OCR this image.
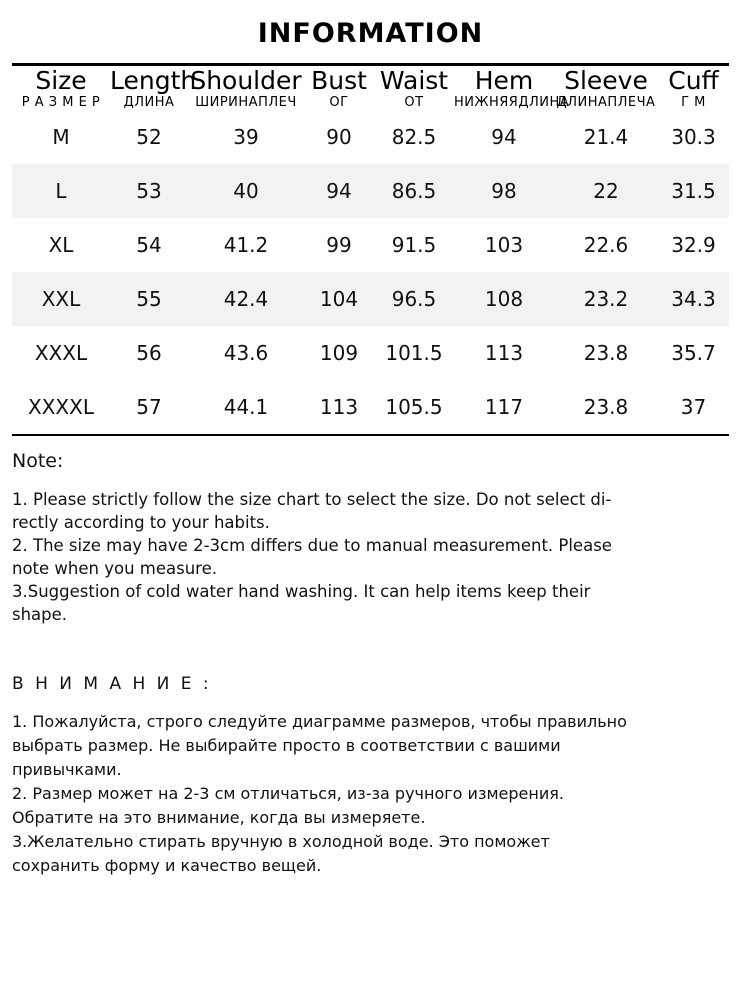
INFORMATION
Size	Length	Shoulder	Bust	Waist	Hem	Sleeve	Cuff
Р А З М Е Р	ДЛИНА	ШИРИНАПЛЕЧ	ОГ	ОТ	НИЖНЯЯДЛИНА	ДЛИНАПЛЕЧА	Г М
M	52	39	90	82.5	94	21.4	30.3
L	53	40	94	86.5	98	22	31.5
XL	54	41.2	99	91.5	103	22.6	32.9
XXL	55	42.4	104	96.5	108	23.2	34.3
XXXL	56	43.6	109	101.5	113	23.8	35.7
XXXXL	57	44.1	113	105.5	117	23.8	37
Note:
1. Please strictly follow the size chart to select the size. Do not select di-
rectly according to your habits.
2. The size may have 2-3cm differs due to manual measurement. Please
note when you measure.
3.Suggestion of cold water hand washing. It can help items keep their
shape.
В Н И М А Н И Е :
1. Пожалуйста, строго следуйте диаграмме размеров, чтобы правильно
выбрать размер. Не выбирайте просто в соответствии с вашими
привычками.
2. Размер может на 2-3 см отличаться, из-за ручного измерения.
Обратите на это внимание, когда вы измеряете.
3.Желательно стирать вручную в холодной воде. Это поможет
сохранить форму и качество вещей.
